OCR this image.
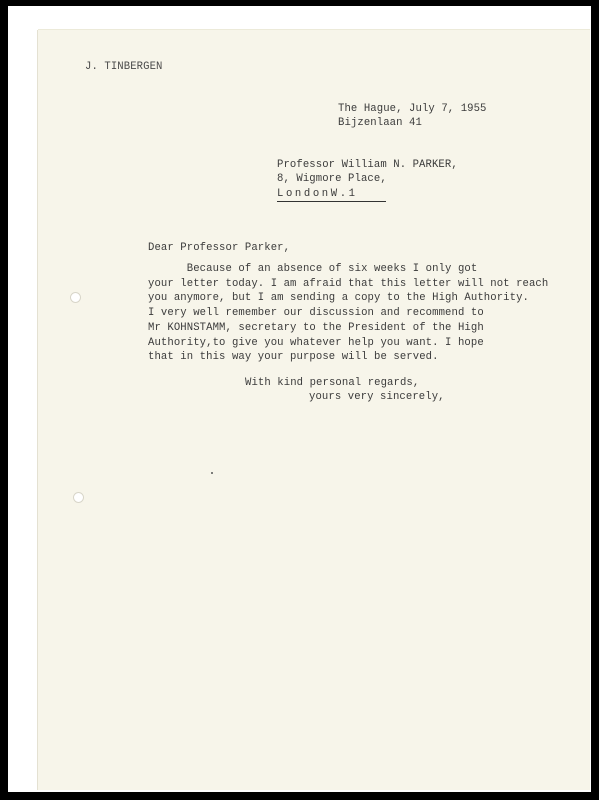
J. TINBERGEN
The Hague, July 7, 1955
Bijzenlaan 41
Professor William N. PARKER,
8, Wigmore Place,
LondonW.1
Dear Professor Parker,
Because of an absence of six weeks I only got
your letter today. I am afraid that this letter will not reach
you anymore, but I am sending a copy to the High Authority.
I very well remember our discussion and recommend to
Mr KOHNSTAMM, secretary to the President of the High
Authority,to give you whatever help you want. I hope
that in this way your purpose will be served.
With kind personal regards,
yours very sincerely,
